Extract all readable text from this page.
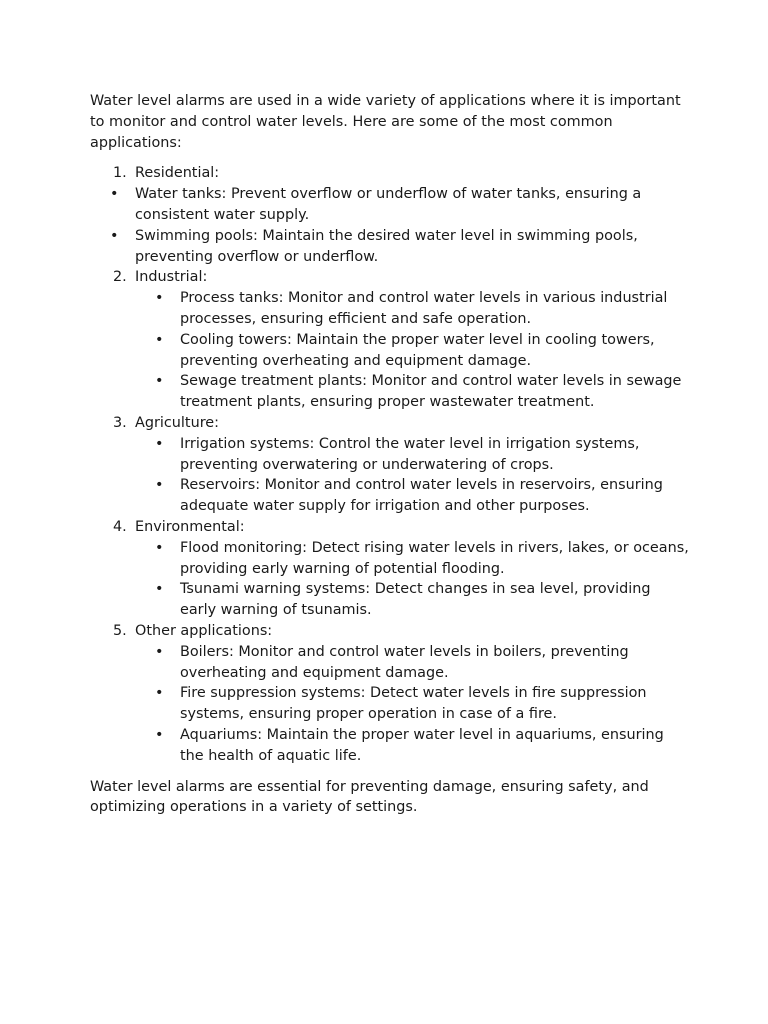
Water level alarms are used in a wide variety of applications where it is important to monitor and control water levels. Here are some of the most common applications:

1. Residential:
• Water tanks: Prevent overflow or underflow of water tanks, ensuring a consistent water supply.
• Swimming pools: Maintain the desired water level in swimming pools, preventing overflow or underflow.
2. Industrial:
• Process tanks: Monitor and control water levels in various industrial processes, ensuring efficient and safe operation.
• Cooling towers: Maintain the proper water level in cooling towers, preventing overheating and equipment damage.
• Sewage treatment plants: Monitor and control water levels in sewage treatment plants, ensuring proper wastewater treatment.
3. Agriculture:
• Irrigation systems: Control the water level in irrigation systems, preventing overwatering or underwatering of crops.
• Reservoirs: Monitor and control water levels in reservoirs, ensuring adequate water supply for irrigation and other purposes.
4. Environmental:
• Flood monitoring: Detect rising water levels in rivers, lakes, or oceans, providing early warning of potential flooding.
• Tsunami warning systems: Detect changes in sea level, providing early warning of tsunamis.
5. Other applications:
• Boilers: Monitor and control water levels in boilers, preventing overheating and equipment damage.
• Fire suppression systems: Detect water levels in fire suppression systems, ensuring proper operation in case of a fire.
• Aquariums: Maintain the proper water level in aquariums, ensuring the health of aquatic life.

Water level alarms are essential for preventing damage, ensuring safety, and optimizing operations in a variety of settings.
